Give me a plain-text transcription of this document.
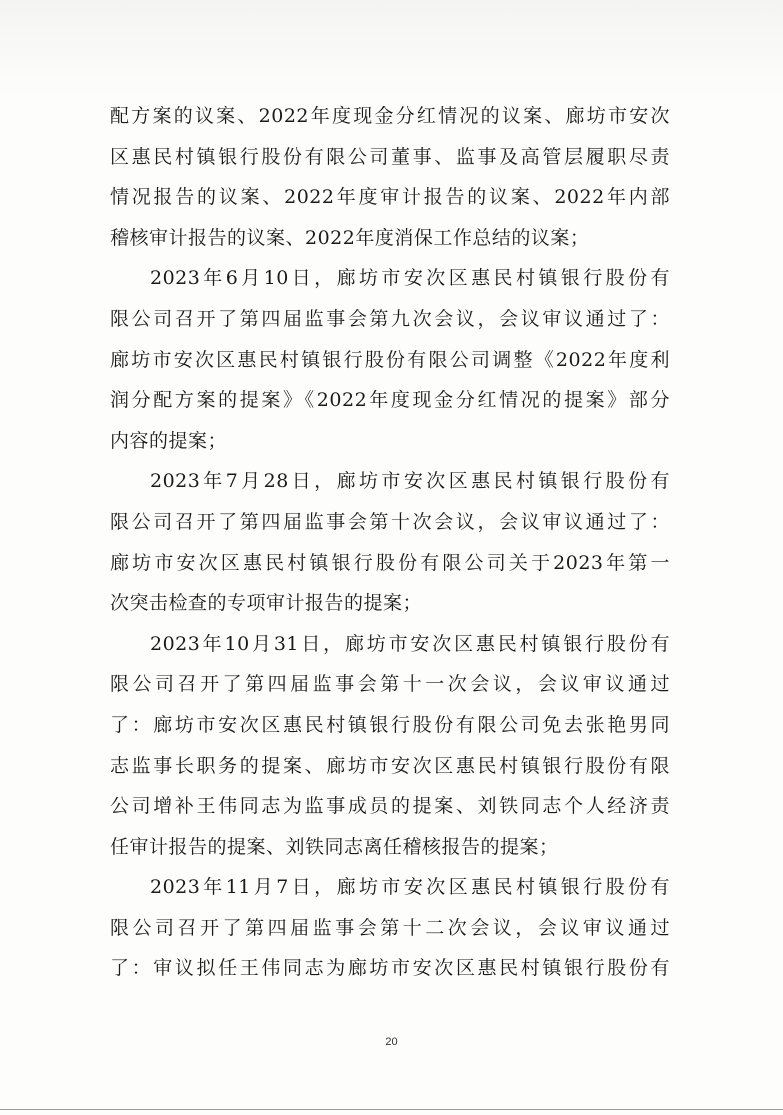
配方案的议案、2022年度现金分红情况的议案、廊坊市安次
区惠民村镇银行股份有限公司董事、监事及高管层履职尽责
情况报告的议案、2022年度审计报告的议案、2022年内部
稽核审计报告的议案、2022年度消保工作总结的议案；
2023年6月10日，廊坊市安次区惠民村镇银行股份有
限公司召开了第四届监事会第九次会议，会议审议通过了：
廊坊市安次区惠民村镇银行股份有限公司调整《2022年度利
润分配方案的提案》《2022年度现金分红情况的提案》部分
内容的提案；
2023年7月28日，廊坊市安次区惠民村镇银行股份有
限公司召开了第四届监事会第十次会议，会议审议通过了：
廊坊市安次区惠民村镇银行股份有限公司关于2023年第一
次突击检查的专项审计报告的提案；
2023年10月31日，廊坊市安次区惠民村镇银行股份有
限公司召开了第四届监事会第十一次会议，会议审议通过
了：廊坊市安次区惠民村镇银行股份有限公司免去张艳男同
志监事长职务的提案、廊坊市安次区惠民村镇银行股份有限
公司增补王伟同志为监事成员的提案、刘铁同志个人经济责
任审计报告的提案、刘铁同志离任稽核报告的提案；
2023年11月7日，廊坊市安次区惠民村镇银行股份有
限公司召开了第四届监事会第十二次会议，会议审议通过
了：审议拟任王伟同志为廊坊市安次区惠民村镇银行股份有
20
